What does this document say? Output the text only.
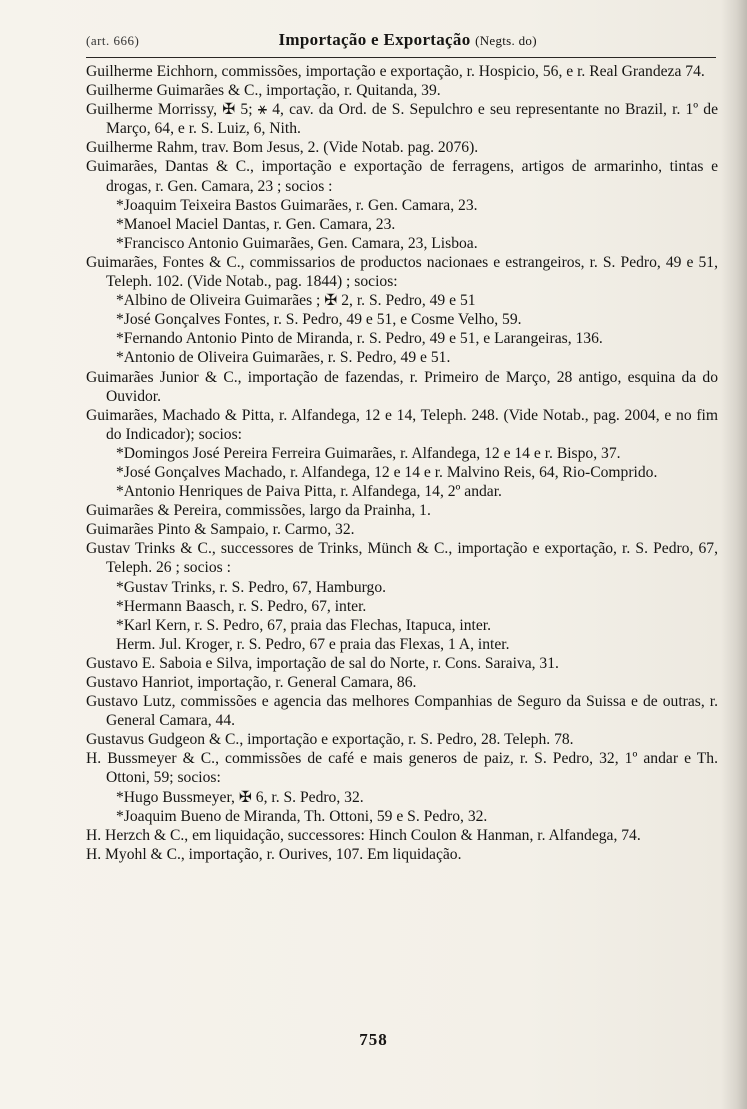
(art. 666)	Importação e Exportação (Negts. do)

Guilherme Eichhorn, commissões, importação e exportação, r. Hospicio, 56, e r. Real Grandeza 74.

Guilherme Guimarães & C., importação, r. Quitanda, 39.

Guilherme Morrissy, ✠ 5; ⚹ 4, cav. da Ord. de S. Sepulchro e seu representante no Brazil, r. 1º de Março, 64, e r. S. Luiz, 6, Nith.

Guilherme Rahm, trav. Bom Jesus, 2. (Vide Notab. pag. 2076).

Guimarães, Dantas & C., importação e exportação de ferragens, artigos de armarinho, tintas e drogas, r. Gen. Camara, 23 ; socios :

*Joaquim Teixeira Bastos Guimarães, r. Gen. Camara, 23.

*Manoel Maciel Dantas, r. Gen. Camara, 23.

*Francisco Antonio Guimarães, Gen. Camara, 23, Lisboa.

Guimarães, Fontes & C., commissarios de productos nacionaes e estrangeiros, r. S. Pedro, 49 e 51, Teleph. 102. (Vide Notab., pag. 1844) ; socios:

*Albino de Oliveira Guimarães ; ✠ 2, r. S. Pedro, 49 e 51

*José Gonçalves Fontes, r. S. Pedro, 49 e 51, e Cosme Velho, 59.

*Fernando Antonio Pinto de Miranda, r. S. Pedro, 49 e 51, e Larangeiras, 136.

*Antonio de Oliveira Guimarães, r. S. Pedro, 49 e 51.

Guimarães Junior & C., importação de fazendas, r. Primeiro de Março, 28 antigo, esquina da do Ouvidor.

Guimarães, Machado & Pitta, r. Alfandega, 12 e 14, Teleph. 248. (Vide Notab., pag. 2004, e no fim do Indicador); socios:

*Domingos José Pereira Ferreira Guimarães, r. Alfandega, 12 e 14 e r. Bispo, 37.

*José Gonçalves Machado, r. Alfandega, 12 e 14 e r. Malvino Reis, 64, Rio-Comprido.

*Antonio Henriques de Paiva Pitta, r. Alfandega, 14, 2º andar.

Guimarães & Pereira, commissões, largo da Prainha, 1.

Guimarães Pinto & Sampaio, r. Carmo, 32.

Gustav Trinks & C., successores de Trinks, Münch & C., importação e exportação, r. S. Pedro, 67, Teleph. 26 ; socios :

*Gustav Trinks, r. S. Pedro, 67, Hamburgo.

*Hermann Baasch, r. S. Pedro, 67, inter.

*Karl Kern, r. S. Pedro, 67, praia das Flechas, Itapuca, inter.

Herm. Jul. Kroger, r. S. Pedro, 67 e praia das Flexas, 1 A, inter.

Gustavo E. Saboia e Silva, importação de sal do Norte, r. Cons. Saraiva, 31.

Gustavo Hanriot, importação, r. General Camara, 86.

Gustavo Lutz, commissões e agencia das melhores Companhias de Seguro da Suissa e de outras, r. General Camara, 44.

Gustavus Gudgeon & C., importação e exportação, r. S. Pedro, 28. Teleph. 78.

H. Bussmeyer & C., commissões de café e mais generos de paiz, r. S. Pedro, 32, 1º andar e Th. Ottoni, 59; socios:

*Hugo Bussmeyer, ✠ 6, r. S. Pedro, 32.

*Joaquim Bueno de Miranda, Th. Ottoni, 59 e S. Pedro, 32.

H. Herzch & C., em liquidação, successores: Hinch Coulon & Hanman, r. Alfandega, 74.

H. Myohl & C., importação, r. Ourives, 107. Em liquidação.

758
